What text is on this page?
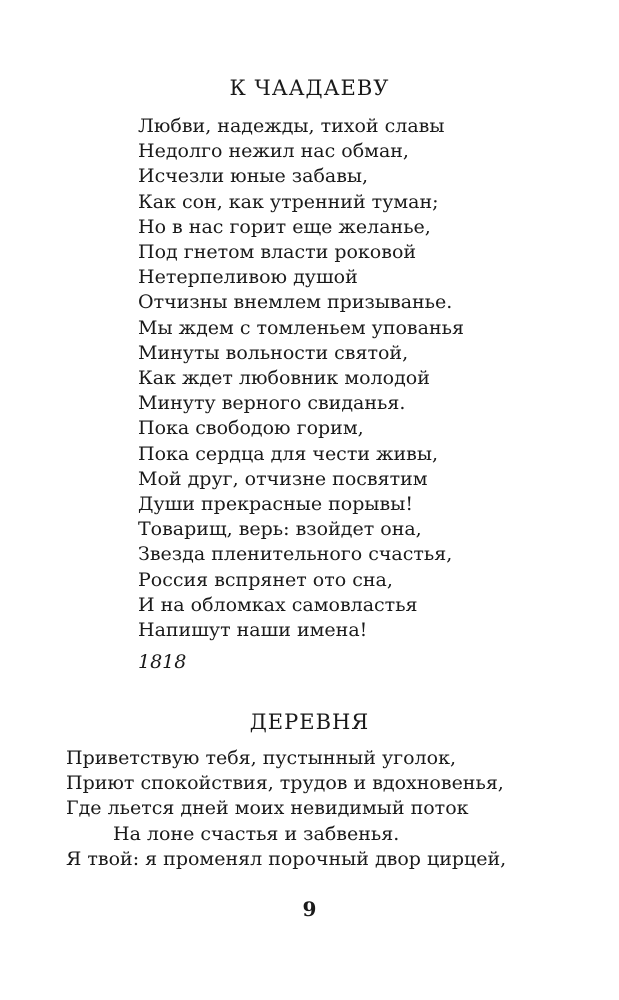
К ЧААДАЕВУ
Любви, надежды, тихой славы
Недолго нежил нас обман,
Исчезли юные забавы,
Как сон, как утренний туман;
Но в нас горит еще желанье,
Под гнетом власти роковой
Нетерпеливою душой
Отчизны внемлем призыванье.
Мы ждем с томленьем упованья
Минуты вольности святой,
Как ждет любовник молодой
Минуту верного свиданья.
Пока свободою горим,
Пока сердца для чести живы,
Мой друг, отчизне посвятим
Души прекрасные порывы!
Товарищ, верь: взойдет она,
Звезда пленительного счастья,
Россия вспрянет ото сна,
И на обломках самовластья
Напишут наши имена!

1818

ДЕРЕВНЯ
Приветствую тебя, пустынный уголок,
Приют спокойствия, трудов и вдохновенья,
Где льется дней моих невидимый поток
На лоне счастья и забвенья.
Я твой: я променял порочный двор цирцей,

9
